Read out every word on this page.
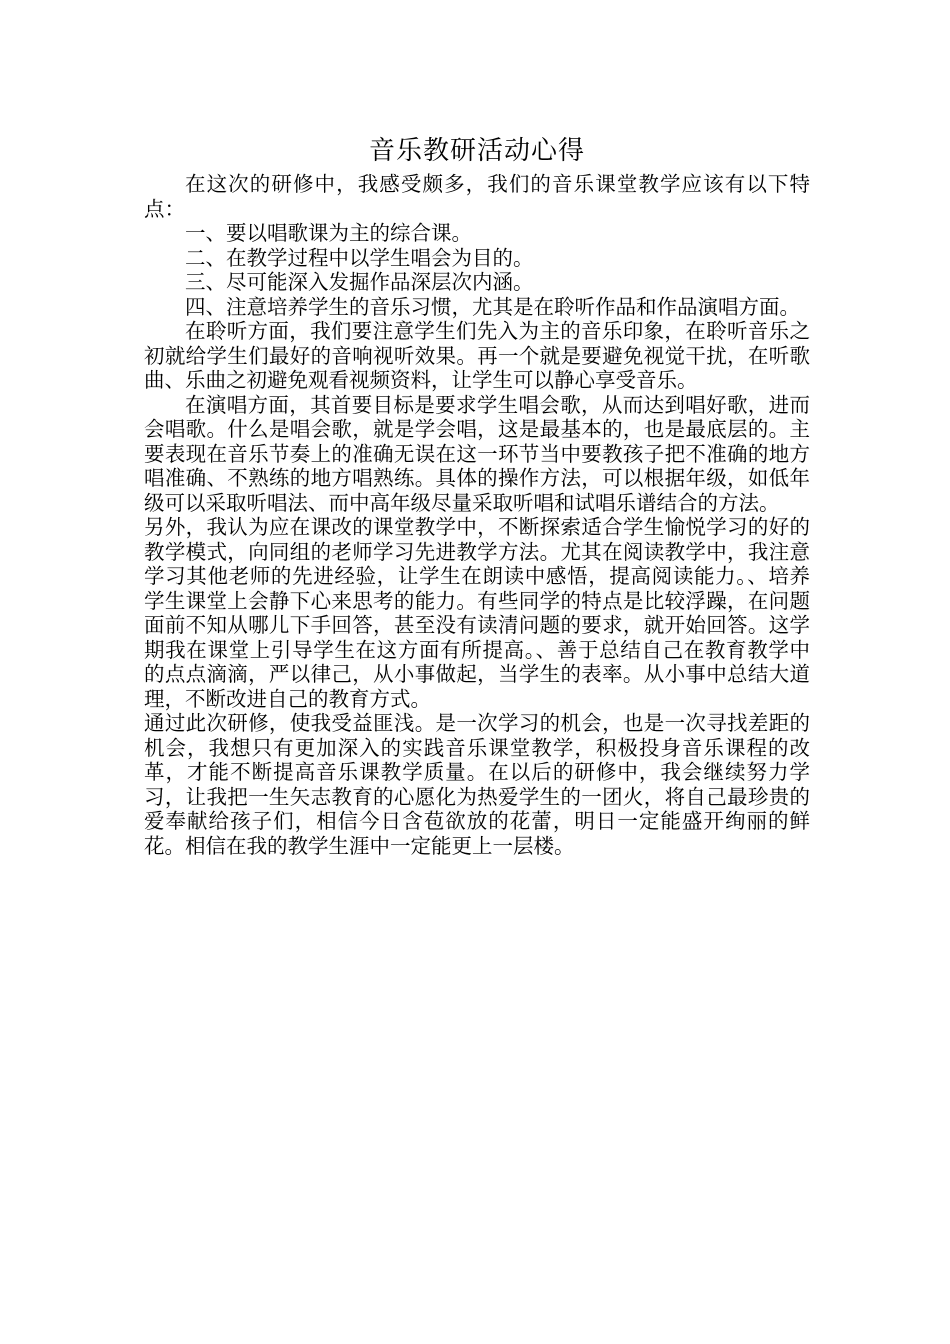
音乐教研活动心得

在这次的研修中，我感受颇多，我们的音乐课堂教学应该有以下特点：

一、要以唱歌课为主的综合课。

二、在教学过程中以学生唱会为目的。

三、尽可能深入发掘作品深层次内涵。

四、注意培养学生的音乐习惯，尤其是在聆听作品和作品演唱方面。

在聆听方面，我们要注意学生们先入为主的音乐印象，在聆听音乐之初就给学生们最好的音响视听效果。再一个就是要避免视觉干扰，在听歌曲、乐曲之初避免观看视频资料，让学生可以静心享受音乐。

在演唱方面，其首要目标是要求学生唱会歌，从而达到唱好歌，进而会唱歌。什么是唱会歌，就是学会唱，这是最基本的，也是最底层的。主要表现在音乐节奏上的准确无误在这一环节当中要教孩子把不准确的地方唱准确、不熟练的地方唱熟练。具体的操作方法，可以根据年级，如低年级可以采取听唱法、而中高年级尽量采取听唱和试唱乐谱结合的方法。

另外，我认为应在课改的课堂教学中，不断探索适合学生愉悦学习的好的教学模式，向同组的老师学习先进教学方法。尤其在阅读教学中，我注意学习其他老师的先进经验，让学生在朗读中感悟，提高阅读能力。、培养学生课堂上会静下心来思考的能力。有些同学的特点是比较浮躁，在问题面前不知从哪儿下手回答，甚至没有读清问题的要求，就开始回答。这学期我在课堂上引导学生在这方面有所提高。、善于总结自己在教育教学中的点点滴滴，严以律己，从小事做起，当学生的表率。从小事中总结大道理，不断改进自己的教育方式。

通过此次研修，使我受益匪浅。是一次学习的机会，也是一次寻找差距的机会，我想只有更加深入的实践音乐课堂教学，积极投身音乐课程的改革，才能不断提高音乐课教学质量。在以后的研修中，我会继续努力学习，让我把一生矢志教育的心愿化为热爱学生的一团火，将自己最珍贵的爱奉献给孩子们，相信今日含苞欲放的花蕾，明日一定能盛开绚丽的鲜花。相信在我的教学生涯中一定能更上一层楼。
